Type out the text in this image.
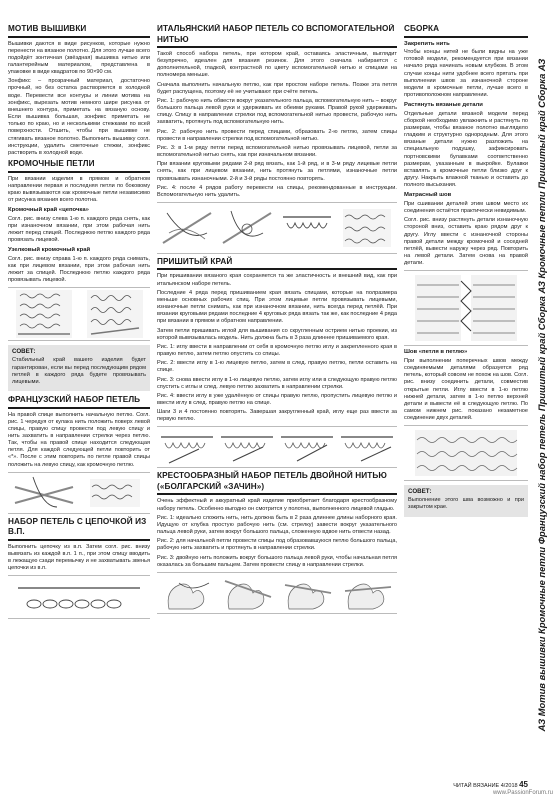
МОТИВ ВЫШИВКИ

Вышивки даются в виде рисунков, которые нужно перенести на вязаное полотно. Для этого лучше всего подойдёт зонтичная (звёздная) вышивка нитью или галантерейным материалом, представлена в упаковке в виде квадратов по 90×90 см.

Зонфикс – прозрачный материал, достаточно прочный, но без остатка растворяется в холодной воде. Перевести все контуры и линии мотива на зонфикс, вырезать мотив немного шире рисунка от внешнего контура, приметать на вязаную основу. Если вышивка большая, зонфикс приметать не только по краю, но и несколькими стежками по всей поверхности. Отшить, чтобы при вышивке не стягивать вязаное полотно. Выполнить вышивку согл. инструкции, удалить сметочные стежки, зонфикс растворить в холодной воде.

КРОМОЧНЫЕ ПЕТЛИ

При вязании изделия в прямом и обратном направлении первая и последняя петли по боковому краю вывязываются как кромочные петли независимо от рисунка вязания всего полотна.

Кромочный край «цепочка»

Согл. рис. внизу слева 1-ю п. каждого ряда снять, как при изнаночном вязании, при этом рабочая нить лежит перед спицей. Последнюю петлю каждого ряда провязать лицевой.

Узелковый кромочный край

Согл. рис. внизу справа 1-ю п. каждого ряда снимать, как при лицевом вязании, при этом рабочая нить лежит за спицей. Последнюю петлю каждого ряда провязывать лицевой.

СОВЕТ:

Стабильный край вашего изделия будет гарантирован, если вы перед последующим рядом петлей в каждого ряда будете провязывать лицевыми.

ФРАНЦУЗСКИЙ НАБОР ПЕТЕЛЬ

На правой спице выполнить начальную петлю. Согл. рис. 1 чередуя от кулака нить положить поверх левой спицы, правую спицу провести под левую спицу и нить захватить в направлении стрелки через петлю. Так, чтобы на правой спице находится следующая петля. Для каждой следующей петли повторить от «*». После с этим повторить по петле правой спицы положить на левую спицу, как кромочную петлю.

НАБОР ПЕТЕЛЬ С ЦЕПОЧКОЙ ИЗ В.П.

Выполнить цепочку из в.п. Затем согл. рис. внизу вывязать из каждой в.п. 1 п., при этом спицу вводить в лежащую сзади перемычку и не захватывать звенья цепочки из в.п.

ИТАЛЬЯНСКИЙ НАБОР ПЕТЕЛЬ СО ВСПОМОГАТЕЛЬНОЙ НИТЬЮ

Такой способ набора петель, при котором край, оставаясь эластичным, выглядит безупречно, идеален для вязания резинок. Для этого сначала набирается с дополнительной, гладкой, контрастной по цвету вспомогательной нитью и спицами на полномера меньше.

Сначала выполнить начальную петлю, как при простом наборе петель. Позже эта петля будет распущена, поэтому её не учитывают при счёте петель.

Рис. 1: рабочую нить обвести вокруг указательного пальца, вспомогательную нить – вокруг большого пальца левой руки и удерживать их обеими руками. Правой рукой удерживать спицу. Спицу в направлении стрелки под вспомогательной нитью провести, рабочую нить захватить, протянуть под вспомогательную нить.

Рис. 2: рабочую нить провести перед спицами, образовать 2-ю петлю, затем спицы провести в направлении стрелки под вспомогательной нитью.

Рис. 3: в 1-м ряду петли перед вспомогательной нитью провязывать лицевой, петли за вспомогательной нитью снять, как при изначальном вязании.

При вязании круговыми рядами 2-й ряд вязать, как 1-й ряд, и в 3-м ряду лицевые петли снять, как при лицевом вязании, нить протянуть за петлями, изнаночные петли провязывать изнаночными. 2-й и 3-й ряды постоянно повторять.

Рис. 4: после 4 рядов работу перевести на спицы, рекомендованные в инструкции. Вспомогательную нить удалить.

ПРИШИТЫЙ КРАЙ

При пришивании вязаного края сохраняется та же эластичность и внешний вид, как при итальянском наборе петель.

Последние 4 ряда перед пришиванием края вязать спицами, которые на полразмера меньше основных рабочих спиц. При этом лицевые петли провязывать лицевыми, изнаночные петли снимать, как при изнаночном вязании, нить всегда перед петлёй. При вязании круговыми рядами последние 4 круговых ряда вязать так же, как последние 4 ряда при вязании в прямом и обратном направлении.

Затем петли пришивать иглой для вышивания со скругленным острием нитью проекии, из которой вывязывалась модель. Нить должна быть в 3 раза длиннее пришиваемого края.

Рис. 1: иглу ввести в направлении от себя в кромочную петлю иглу и закрепленного края в правую петлю, затем петлю опустить со спицы.

Рис. 2: ввести иглу в 1-ю лицевую петлю, затем в след. правую петлю, петли оставить на спице.

Рис. 3: снова ввести иглу в 1-ю лицевую петлю, затем иглу или в следующую правую петлю спустить с иглы и след. левую петлю захватить в направлении стрелки.

Рис. 4: ввести иглу в уже удалённую от спицы правую петлю, пропустить лицевую петлю и ввести иглу в след. правую петлю на спице.

Шаги 3 и 4 постоянно повторять. Завершая закругленный край, иглу еще раз ввести за первую петлю.

КРЕСТООБРАЗНЫЙ НАБОР ПЕТЕЛЬ ДВОЙНОЙ НИТЬЮ («БОЛГАРСКИЙ «ЗАЧИН»)

Очень эффектный и аккуратный край изделие приобретает благодаря крестообразному набору петель. Особенно выгодно он смотрится у полотна, выполненного лицевой гладью.

Рис. 1: идеально сложить нить, нить должна быть в 2 раза длиннее длины наборного края. Идущую от клубка простую рабочую нить (см. стрелку) завести вокруг указательного пальца левой руки, затем вокруг большого пальца, сложенную вдвое нить отвести назад.

Рис. 2: для начальной петли провести спицы под образовавшуюся петлю большого пальца, рабочую нить захватить и протянуть в направлении стрелки.

Рис. 3: двойную нить положить вокруг большого пальца левой руки, чтобы начальная петля оказалась за большим пальцем. Затем провести спицу в направлении стрелки.

СБОРКА
Закрепить нить

Чтобы концы нитей не были видны на уже готовой модели, рекомендуется при вязании начало ряда начинать новым клубком. В этом случае концы нити удобнее всего прятать при выполнении швов за изнаночной стороне модели в кромочные петли, лучше всего в противоположном направлении.

Растянуть вязаные детали

Отдельные детали вязаной модели перед сборкой необходимо увлажнить и растянуть по размерам, чтобы вязаное полотно выглядело гладким и структурно однородным. Для этого вязаные детали нужно разложить на специальную подушку, зафиксировать портновскими булавками соответственно размерам, указанным в выкройке. Булавки вставлять в кромочные петли близко друг к другу. Накрыть влажной тканью и оставить до полного высыхания.

Матрасный шов

При сшивании деталей этим швом место их соединения остаётся практически невидимым.

Согл. рис. внизу растянуть детали изнаночную стороной вниз, оставить краю рядом друг к другу. Иглу ввести с изнаночной стороны правой детали между кромочной и соседней петлёй, вывести наружу через ряд. Повторить на левой детали. Затем снова на правой детали.

Шов «петля в петлю»

При выполнении поперечных швов между соединяемыми деталями образуется ряд петель, который совсем не похож на шов. Согл. рис. внизу соединить детали, совместив открытые петли. Иглу ввести в 1-ю петлю нижней детали, затем в 1-ю петлю верхней детали и вывести её в следующую петлю. По самом нижнем рис. показано незаметное соединение двух деталей.

СОВЕТ:

Выполнение этого шва возможно и при закрытом крае.	АЗ Мотив вышивки Кромочные петли Французский набор петель Пришитый край Сборка АЗ Кромочные петли Пришитый край Сборка АЗ
ЧИТАЙ ВЯЗАНИЕ 4/2018 45
www.PassionForum.ru
